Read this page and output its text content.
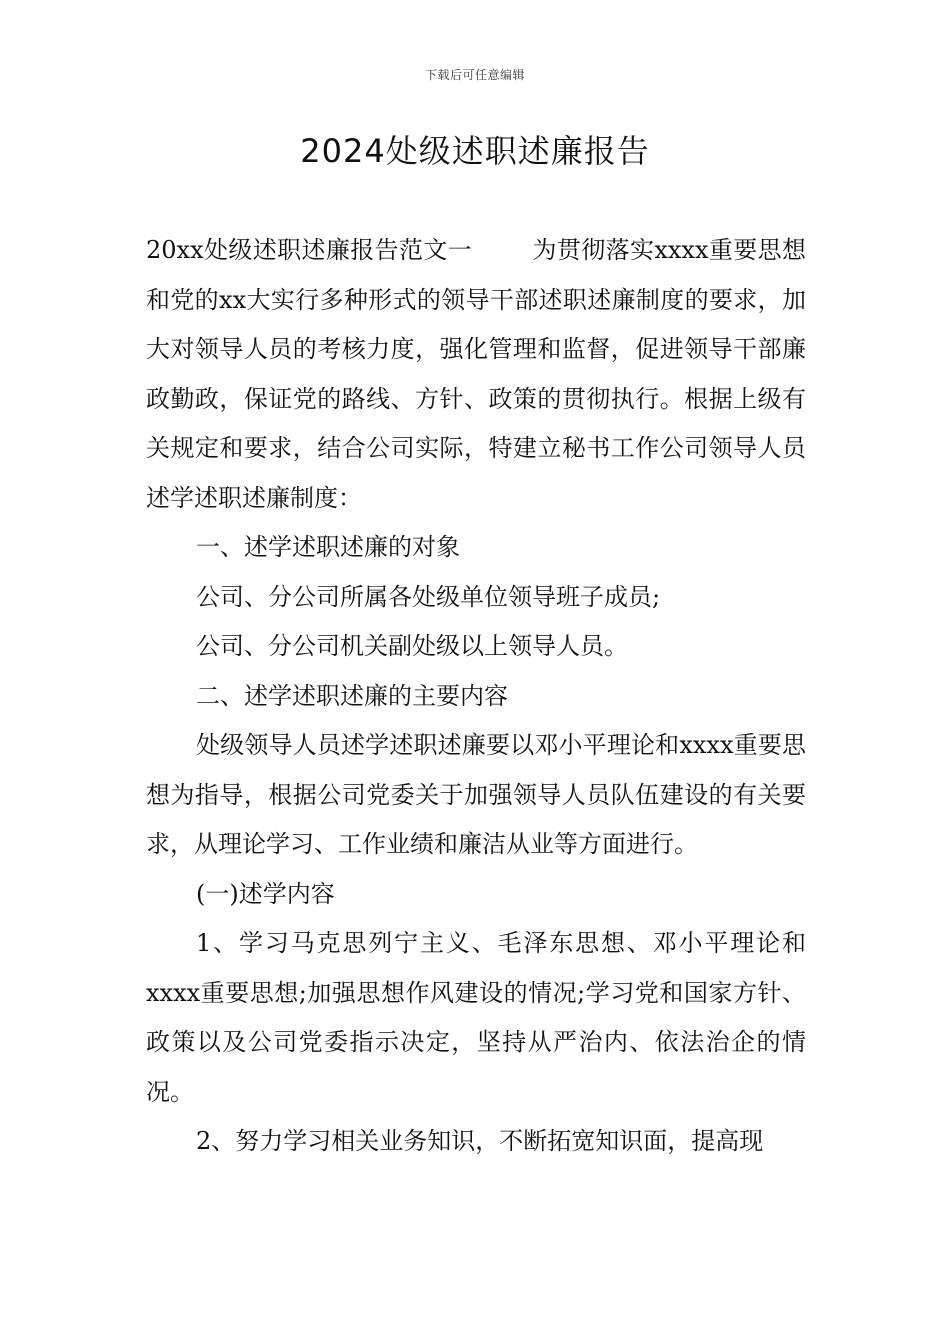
下载后可任意编辑
2024处级述职述廉报告

20xx处级述职述廉报告范文一	为贯彻落实xxxx重要思想和党的xx大实行多种形式的领导干部述职述廉制度的要求，加大对领导人员的考核力度，强化管理和监督，促进领导干部廉政勤政，保证党的路线、方针、政策的贯彻执行。根据上级有关规定和要求，结合公司实际，特建立秘书工作公司领导人员述学述职述廉制度：

一、述学述职述廉的对象

公司、分公司所属各处级单位领导班子成员;

公司、分公司机关副处级以上领导人员。

二、述学述职述廉的主要内容

处级领导人员述学述职述廉要以邓小平理论和xxxx重要思想为指导，根据公司党委关于加强领导人员队伍建设的有关要求，从理论学习、工作业绩和廉洁从业等方面进行。

(一)述学内容

1、学习马克思列宁主义、毛泽东思想、邓小平理论和xxxx重要思想;加强思想作风建设的情况;学习党和国家方针、政策以及公司党委指示决定，坚持从严治内、依法治企的情况。

2、努力学习相关业务知识，不断拓宽知识面，提高现
